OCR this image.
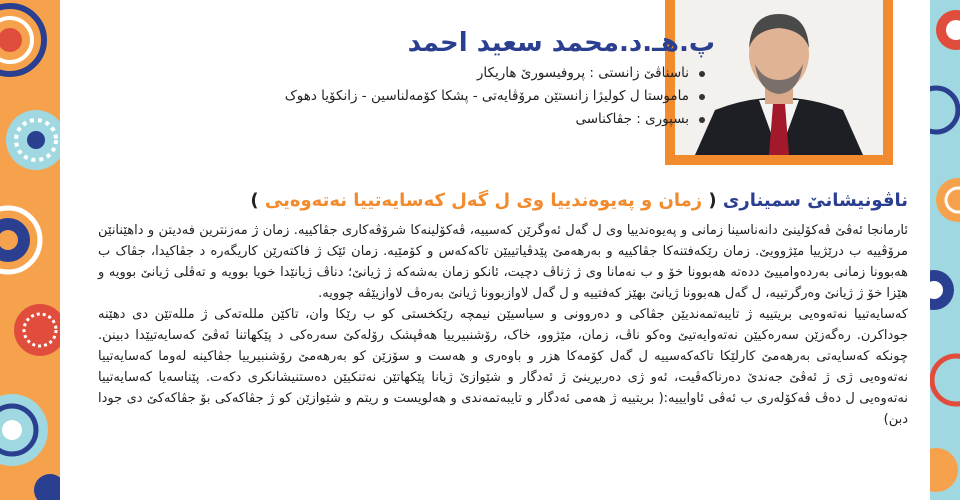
پ.هـ.د.محمد سعيد احمد
ناسناڤێ زانستی : پروفیسورێ هاریکار
ماموستا ل کولیژا زانستێن مرۆڤایەتی - پشکا کۆمەلناسین - زانکۆیا دهوک
بسپوری : جڤاکناسی
ناڤونیشانێ سمیناری ( زمان و پەیوەندییا وی ل گەل کەسایەتییا نەتەوەیی )

ئارمانجا ئەڤێ ڤەکۆلینێ دانەناسینا زمانی و پەیوەندییا وی ل گەل ئەوگرێن کەسییە، ڤەکۆلینەکا شرۆڤەکاری جڤاکییە. زمان ژ مەزنترین فەدیتن و داهێنانێن مرۆڤییە ب درێژییا مێژوویێ. زمان رێکەفتنەکا جڤاکییە و بەرهەمێ پێدڤیاتییێن تاکەکەس و کۆمێیە. زمان ئێک ژ فاکتەرێن کاریگەرە د جڤاکیدا، جڤاک ب هەبوونا زمانی بەردەوامییێ ددەتە هەبوونا خۆ و ب نەمانا وی ژ ژناڤ دچیت، ئانکو زمان بەشەکە ژ ژیانێ؛ دناڤ ژیانێدا خویا بوویە و تەڤلی ژیانێ بوویە و هێزا خۆ ژ ژیانێ وەرگرتییە، ل گەل هەبوونا ژیانێ بهێز کەفتییە و ل گەل لاوازبوونا ژیانێ بەرەڤ لاوازیێڤە چوویە.

کەسایەتییا نەتەوەیی بریتییە ژ تایبەتمەندیێن جڤاکی و دەروونی و سیاسیێن نیمچە رێکخستی کو ب رێکا وان، تاکێن مللەتەکی ژ مللەتێن دی دهێنە جوداکرن. رەگەزێن سەرەکیێن نەتەوایەتیێ وەکو ناڤ، زمان، مێژوو، خاک، رۆشنبیرییا هەڤپشک رۆلەکێ سەرەکی د پێکهاتنا ئەڤێ کەسایەتیێدا دبینن. چونکە کەسایەتی بەرهەمێ کارلێکا تاکەکەسییە ل گەل کۆمەکا هزر و باوەری و هەست و سۆزێن کو بەرهەمێ رۆشنبیرییا جڤاکینە لەوما کەسایەتییا نەتەوەیی ژی ژ ئەڤێ جەندێ دەرناکەڤیت، ئەو ژی دەربڕینێ ژ ئەدگار و شێوازێ ژیانا پێکهاتێن نەتنکیێن دەستنیشانکری دکەت. پێناسەیا کەسایەتییا نەتەوەیی ل دەڤ ڤەکۆلەری ب ئەڤی ئاوایییە:( بریتییە ژ هەمی ئەدگار و تایبەتمەندی و هەلویست و ریتم و شێوازێن کو ژ جڤاکەکی بۆ جڤاکەکێ دی جودا دبن)
